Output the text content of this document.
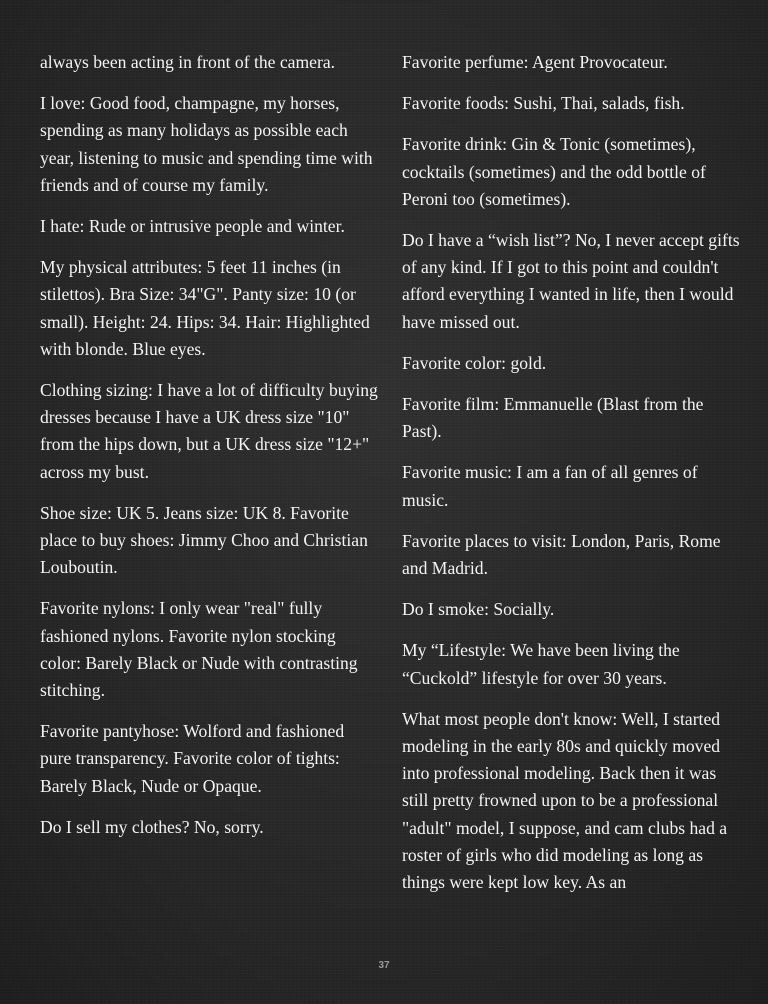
always been acting in front of the camera.

I love: Good food, champagne, my horses, spending as many holidays as possible each year, listening to music and spending time with friends and of course my family.

I hate: Rude or intrusive people and winter.

My physical attributes: 5 feet 11 inches (in stilettos). Bra Size: 34"G". Panty size: 10 (or small). Height: 24. Hips: 34. Hair: Highlighted with blonde. Blue eyes.

Clothing sizing: I have a lot of difficulty buying dresses because I have a UK dress size "10" from the hips down, but a UK dress size "12+" across my bust.

Shoe size: UK 5. Jeans size: UK 8. Favorite place to buy shoes: Jimmy Choo and Christian Louboutin.

Favorite nylons: I only wear "real" fully fashioned nylons. Favorite nylon stocking color: Barely Black or Nude with contrasting stitching.

Favorite pantyhose: Wolford and fashioned pure transparency. Favorite color of tights: Barely Black, Nude or Opaque.

Do I sell my clothes? No, sorry.

Favorite perfume: Agent Provocateur.

Favorite foods: Sushi, Thai, salads, fish.

Favorite drink: Gin & Tonic (sometimes), cocktails (sometimes) and the odd bottle of Peroni too (sometimes).

Do I have a “wish list”? No, I never accept gifts of any kind. If I got to this point and couldn't afford everything I wanted in life, then I would have missed out.

Favorite color: gold.

Favorite film: Emmanuelle (Blast from the Past).

Favorite music: I am a fan of all genres of music.

Favorite places to visit: London, Paris, Rome and Madrid.

Do I smoke: Socially.

My “Lifestyle: We have been living the “Cuckold” lifestyle for over 30 years.

What most people don't know: Well, I started modeling in the early 80s and quickly moved into professional modeling. Back then it was still pretty frowned upon to be a professional "adult" model, I suppose, and cam clubs had a roster of girls who did modeling as long as things were kept low key. As an

37
